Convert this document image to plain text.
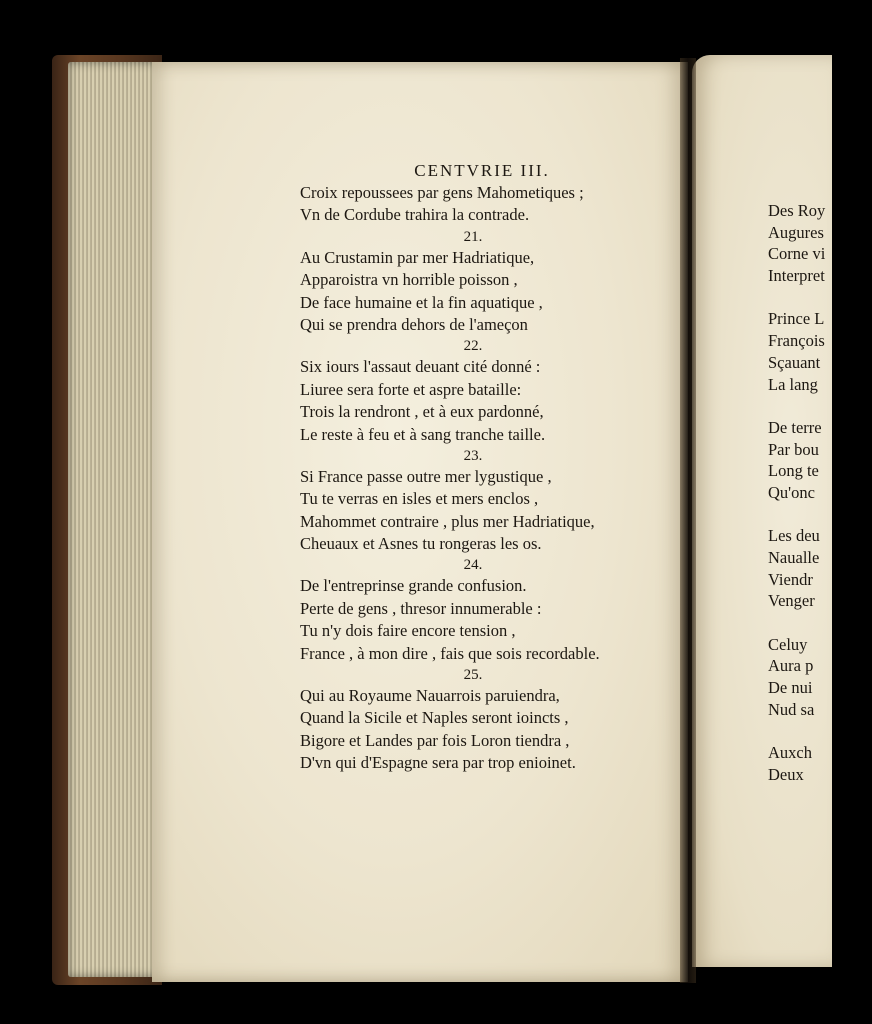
CENTVRIE III.
Croix repoussees par gens Mahometiques ;
Vn de Cordube trahira la contrade.
21.
Au Crustamin par mer Hadriatique,
Apparoistra vn horrible poisson ,
De face humaine et la fin aquatique ,
Qui se prendra dehors de l'ameçon
22.
Six iours l'assaut deuant cité donné :
Liuree sera forte et aspre bataille:
Trois la rendront , et à eux pardonné,
Le reste à feu et à sang tranche taille.
23.
Si France passe outre mer lygustique ,
Tu te verras en isles et mers enclos ,
Mahommet contraire , plus mer Hadriatique,
Cheuaux et Asnes tu rongeras les os.
24.
De l'entreprinse grande confusion.
Perte de gens , thresor innumerable :
Tu n'y dois faire encore tension ,
France , à mon dire , fais que sois recordable.
25.
Qui au Royaume Nauarrois paruiendra,
Quand la Sicile et Naples seront ioincts ,
Bigore et Landes par fois Loron tiendra ,
D'vn qui d'Espagne sera par trop enioinet.
Des Roy
Augures
Corne vi
Interpret
Prince L
François
Sçauant
La lang
De terre
Par bou
Long te
Qu'onc
Les deu
Naualle
Viendr
Venger
Celuy
Aura p
De nui
Nud sa
Auxch
Deux
